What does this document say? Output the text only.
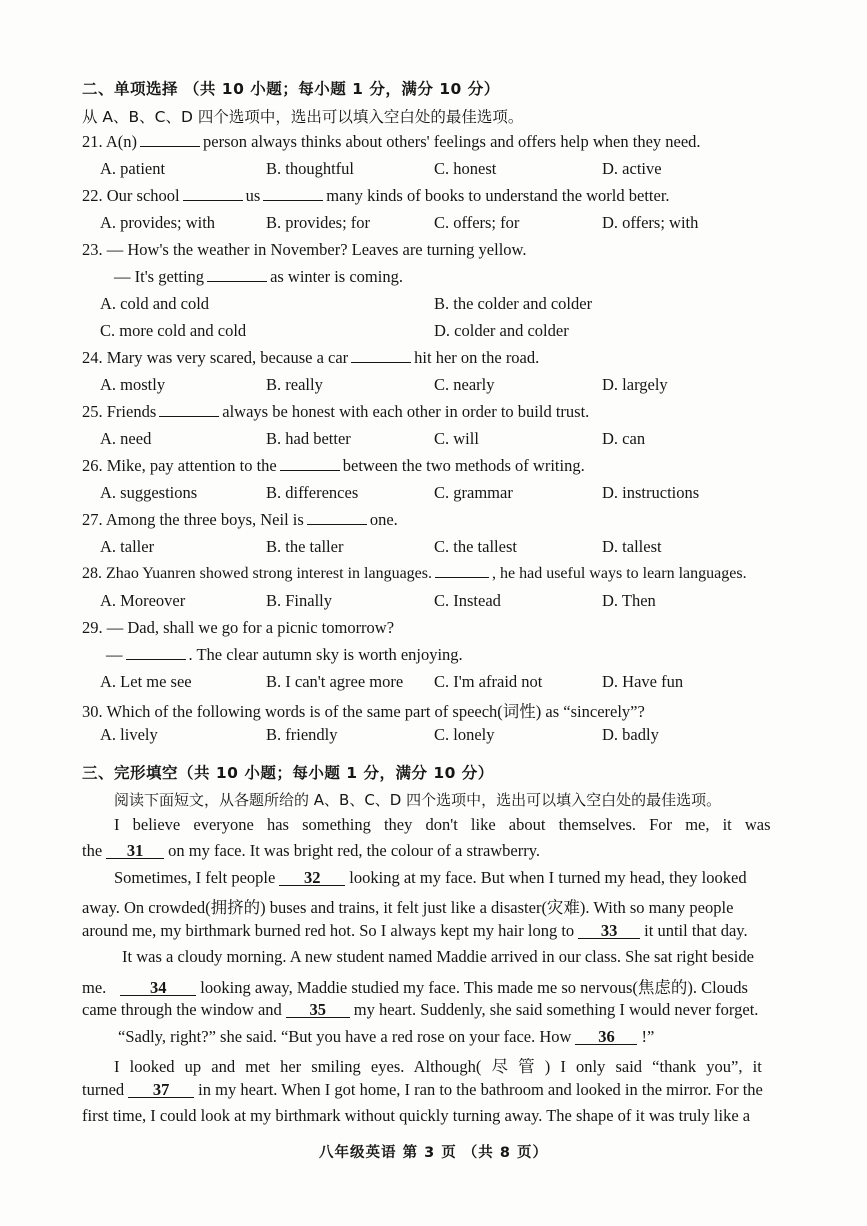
二、单项选择 （共 10 小题；每小题 1 分，满分 10 分）
从 A、B、C、D 四个选项中，选出可以填入空白处的最佳选项。
21. A(n)	person always thinks about others' feelings and offers help when they need.
A. patient	B. thoughtful	C. honest	D. active
22. Our school	us	many kinds of books to understand the world better.
A. provides; with	B. provides; for	C. offers; for	D. offers; with
23. — How's the weather in November? Leaves are turning yellow.
— It's getting	as winter is coming.
A. cold and cold	B. the colder and colder
C. more cold and cold	D. colder and colder
24. Mary was very scared, because a car	hit her on the road.
A. mostly	B. really	C. nearly	D. largely
25. Friends	always be honest with each other in order to build trust.
A. need	B. had better	C. will	D. can
26. Mike, pay attention to the	between the two methods of writing.
A. suggestions	B. differences	C. grammar	D. instructions
27. Among the three boys, Neil is	one.
A. taller	B. the taller	C. the tallest	D. tallest
28. Zhao Yuanren showed strong interest in languages.	, he had useful ways to learn languages.
A. Moreover	B. Finally	C. Instead	D. Then
29. — Dad, shall we go for a picnic tomorrow?
—	. The clear autumn sky is worth enjoying.
A. Let me see	B. I can't agree more C. I'm afraid not	D. Have fun
30. Which of the following words is of the same part of speech(词性) as “sincerely”?
A. lively	B. friendly	C. lonely	D. badly
三、完形填空（共 10 小题；每小题 1 分，满分 10 分）
阅读下面短文，从各题所给的 A、B、C、D 四个选项中，选出可以填入空白处的最佳选项。
I believe everyone has something they don't like about themselves. For me, it was
the 31 on my face. It was bright red, the colour of a strawberry.
Sometimes, I felt people 32 looking at my face. But when I turned my head, they looked
away. On crowded(拥挤的) buses and trains, it felt just like a disaster(灾难). With so many people
around me, my birthmark burned red hot. So I always kept my hair long to 33 it until that day.
It was a cloudy morning. A new student named Maddie arrived in our class. She sat right beside
me.	34 looking away, Maddie studied my face. This made me so nervous(焦虑的). Clouds
came through the window and 35 my heart. Suddenly, she said something I would never forget.
“Sadly, right?” she said. “But you have a red rose on your face. How 36 !”
I looked up and met her smiling eyes. Although( 尽 管 ) I only said “thank you”, it
turned 37 in my heart. When I got home, I ran to the bathroom and looked in the mirror. For the
first time, I could look at my birthmark without quickly turning away. The shape of it was truly like a
八年级英语 第 3 页 （共 8 页）
